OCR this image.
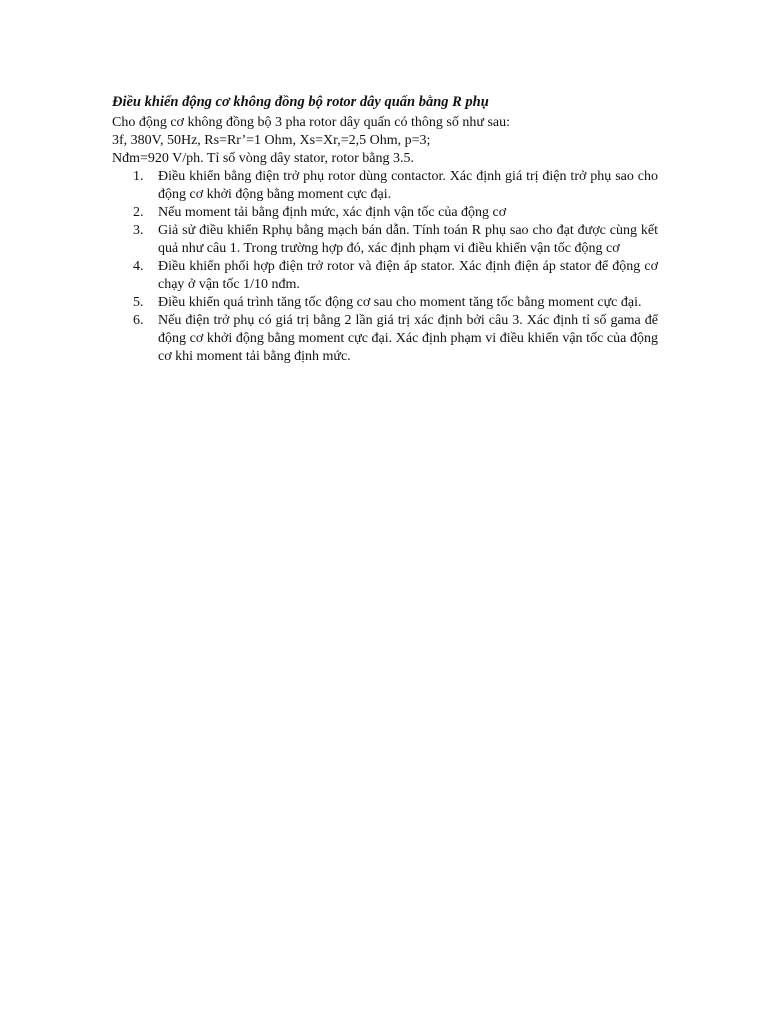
Điều khiển động cơ không đồng bộ rotor dây quấn bằng R phụ

Cho động cơ không đồng bộ 3 pha rotor dây quấn có thông số như sau:

3f, 380V, 50Hz, Rs=Rr’=1 Ohm, Xs=Xr,=2,5 Ohm, p=3;

Nđm=920 V/ph. Tỉ số vòng dây stator, rotor bằng 3.5.

1. Điều khiển bằng điện trở phụ rotor dùng contactor. Xác định giá trị điện trở phụ sao cho động cơ khởi động bằng moment cực đại.
2. Nếu moment tải bằng định mức, xác định vận tốc của động cơ
3. Giả sử điều khiển Rphụ bằng mạch bán dẫn. Tính toán R phụ sao cho đạt được cùng kết quả như câu 1. Trong trường hợp đó, xác định phạm vi điều khiển vận tốc động cơ
4. Điều khiển phối hợp điện trở rotor và điện áp stator. Xác định điện áp stator để động cơ chạy ở vận tốc 1/10 nđm.
5. Điều khiển quá trình tăng tốc động cơ sau cho moment tăng tốc bằng moment cực đại.
6. Nếu điện trở phụ có giá trị bằng 2 lần giá trị xác định bởi câu 3. Xác định tỉ số gama để động cơ khởi động bằng moment cực đại. Xác định phạm vi điều khiển vận tốc của động cơ khi moment tải bằng định mức.
